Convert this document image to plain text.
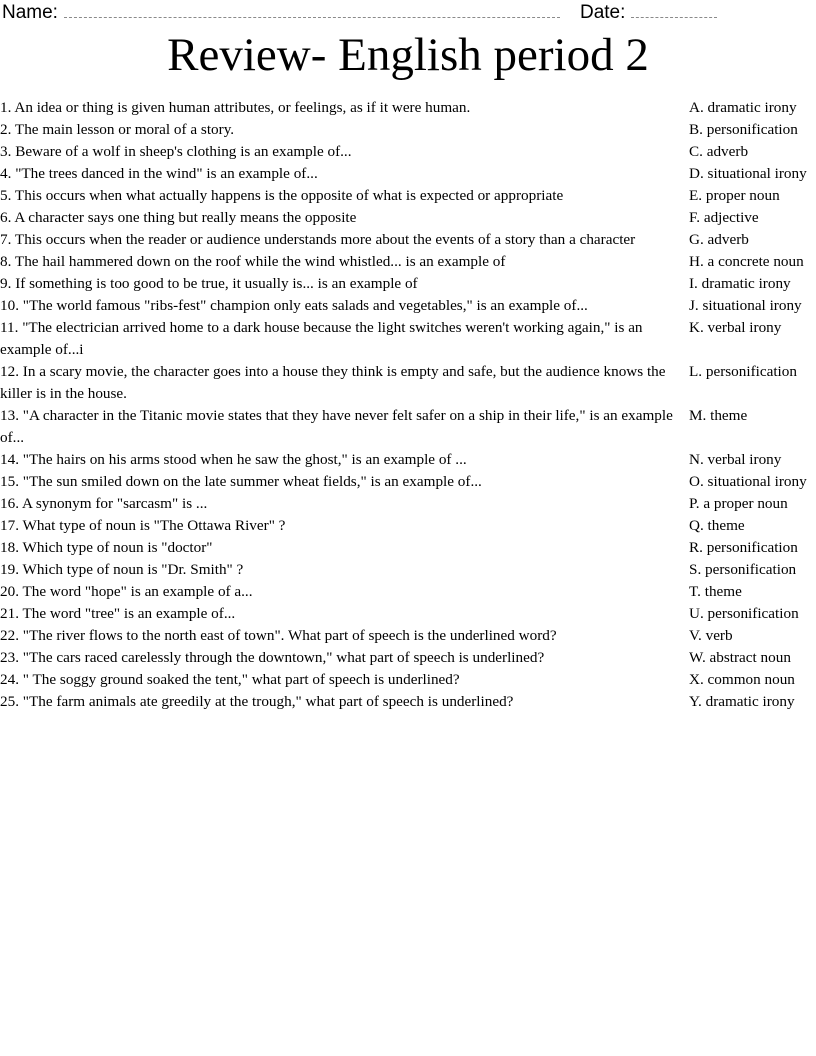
Name:	Date:
Review- English period 2
1. An idea or thing is given human attributes, or feelings, as if it were human.	A. dramatic irony
2. The main lesson or moral of a story.	B. personification
3. Beware of a wolf in sheep's clothing is an example of...	C. adverb
4. "The trees danced in the wind" is an example of...	D. situational irony
5. This occurs when what actually happens is the opposite of what is expected or appropriate	E. proper noun
6. A character says one thing but really means the opposite	F. adjective
7. This occurs when the reader or audience understands more about the events of a story than a character	G. adverb
8. The hail hammered down on the roof while the wind whistled... is an example of	H. a concrete noun
9. If something is too good to be true, it usually is... is an example of	I. dramatic irony
10. "The world famous "ribs-fest" champion only eats salads and vegetables," is an example of...	J. situational irony
11. "The electrician arrived home to a dark house because the light switches weren't working again," is an example of...i	K. verbal irony
12. In a scary movie, the character goes into a house they think is empty and safe, but the audience knows the killer is in the house.	L. personification
13. "A character in the Titanic movie states that they have never felt safer on a ship in their life," is an example of...	M. theme
14. "The hairs on his arms stood when he saw the ghost," is an example of ...	N. verbal irony
15. "The sun smiled down on the late summer wheat fields," is an example of...	O. situational irony
16. A synonym for "sarcasm" is ...	P. a proper noun
17. What type of noun is "The Ottawa River" ?	Q. theme
18. Which type of noun is "doctor"	R. personification
19. Which type of noun is "Dr. Smith" ?	S. personification
20. The word "hope" is an example of a...	T. theme
21. The word "tree" is an example of...	U. personification
22. "The river flows to the north east of town". What part of speech is the underlined word?	V. verb
23. "The cars raced carelessly through the downtown," what part of speech is underlined?	W. abstract noun
24. " The soggy ground soaked the tent," what part of speech is underlined?	X. common noun
25. "The farm animals ate greedily at the trough," what part of speech is underlined?	Y. dramatic irony
